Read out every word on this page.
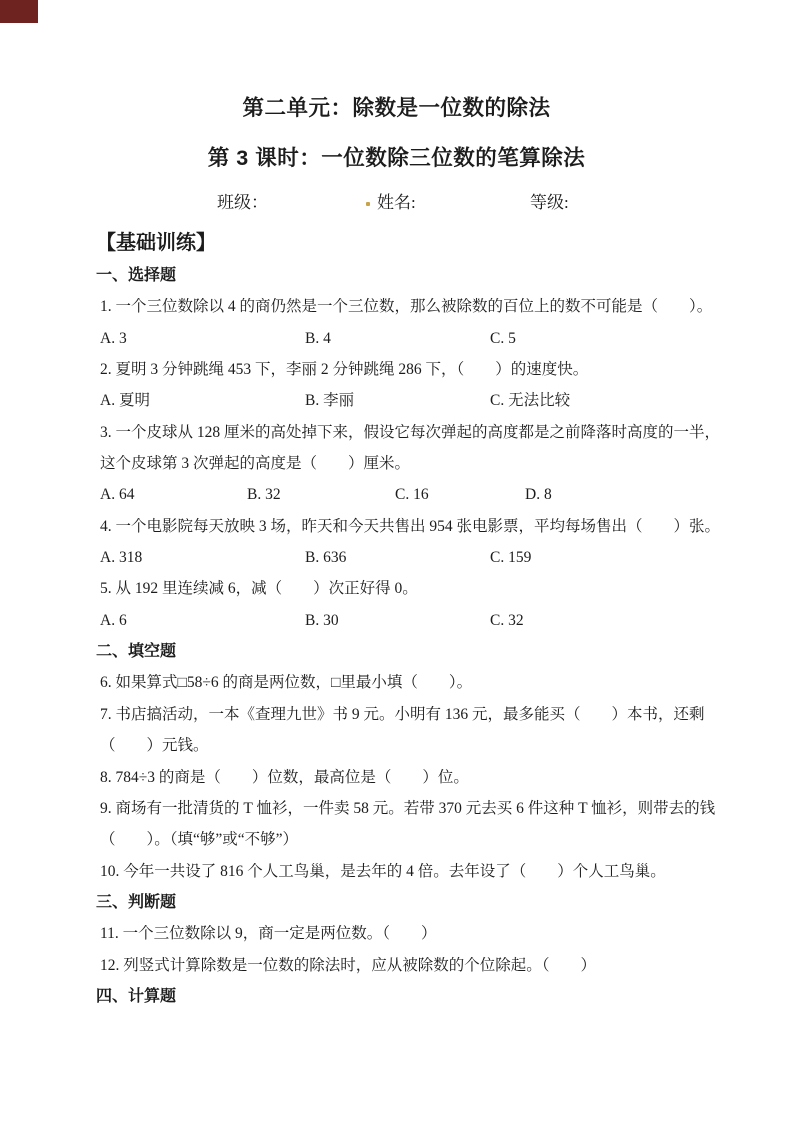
第二单元：除数是一位数的除法
第 3 课时：一位数除三位数的笔算除法
班级：	姓名:	等级:
【基础训练】
一、选择题
1. 一个三位数除以 4 的商仍然是一个三位数，那么被除数的百位上的数不可能是（　　）。
A. 3	B. 4	C. 5
2. 夏明 3 分钟跳绳 453 下，李丽 2 分钟跳绳 286 下，（　　）的速度快。
A. 夏明	B. 李丽	C. 无法比较
3. 一个皮球从 128 厘米的高处掉下来，假设它每次弹起的高度都是之前降落时高度的一半，
这个皮球第 3 次弹起的高度是（　　）厘米。
A. 64	B. 32	C. 16	D. 8
4. 一个电影院每天放映 3 场，昨天和今天共售出 954 张电影票，平均每场售出（　　）张。
A. 318	B. 636	C. 159
5. 从 192 里连续减 6，减（　　）次正好得 0。
A. 6	B. 30	C. 32
二、填空题
6. 如果算式□58÷6 的商是两位数，□里最小填（　　）。
7. 书店搞活动，一本《查理九世》书 9 元。小明有 136 元，最多能买（　　）本书，还剩
（　　）元钱。
8. 784÷3 的商是（　　）位数，最高位是（　　）位。
9. 商场有一批清货的 T 恤衫，一件卖 58 元。若带 370 元去买 6 件这种 T 恤衫，则带去的钱
（　　）。（填“够”或“不够”）
10. 今年一共设了 816 个人工鸟巢，是去年的 4 倍。去年设了（　　）个人工鸟巢。
三、判断题
11. 一个三位数除以 9，商一定是两位数。（　　）
12. 列竖式计算除数是一位数的除法时，应从被除数的个位除起。（　　）
四、计算题
